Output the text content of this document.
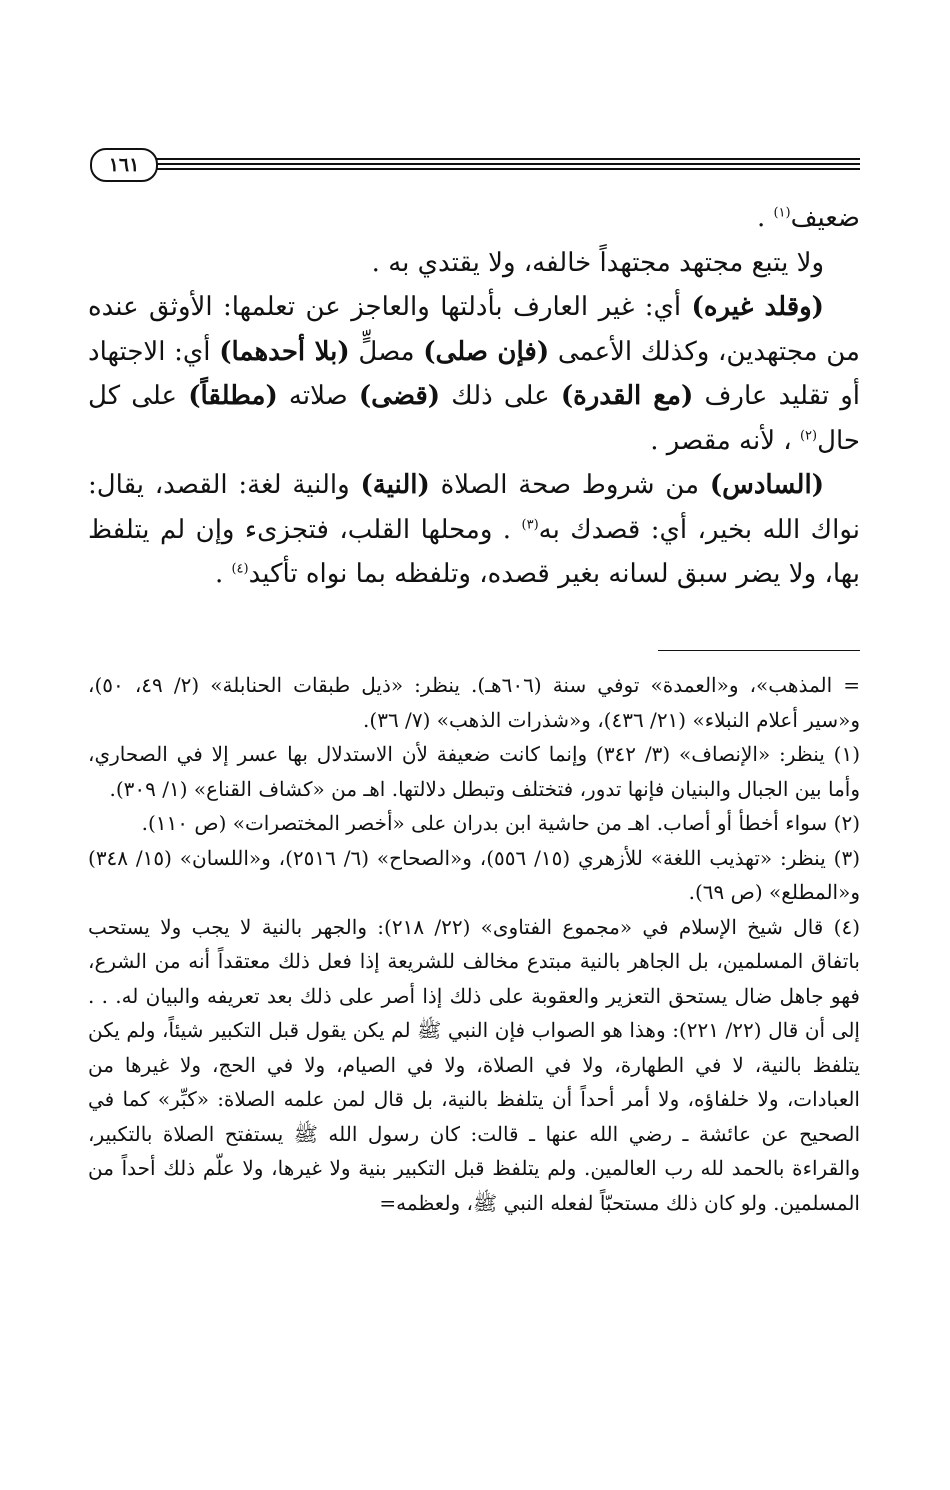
١٦١

ضعيف$^{(١)}$ .

ولا يتبع مجتهد مجتهداً خالفه، ولا يقتدي به .

(وقلد غيره) أي: غير العارف بأدلتها والعاجز عن تعلمها: الأوثق عنده من مجتهدين، وكذلك الأعمى (فإن صلى) مصلٍّ (بلا أحدهما) أي: الاجتهاد أو تقليد عارف (مع القدرة) على ذلك (قضى) صلاته (مطلقاً) على كل حال$^{(٢)}$ ، لأنه مقصر .

(السادس) من شروط صحة الصلاة (النية) والنية لغة: القصد، يقال: نواك الله بخير، أي: قصدك به$^{(٣)}$ . ومحلها القلب، فتجزىء وإن لم يتلفظ بها، ولا يضر سبق لسانه بغير قصده، وتلفظه بما نواه تأكيد$^{(٤)}$ .

= المذهب»، و«العمدة» توفي سنة (٦٠٦هـ). ينظر: «ذيل طبقات الحنابلة» (٢/ ٤٩، ٥٠)، و«سير أعلام النبلاء» (٢١/ ٤٣٦)، و«شذرات الذهب» (٧/ ٣٦).

(١) ينظر: «الإنصاف» (٣/ ٣٤٢) وإنما كانت ضعيفة لأن الاستدلال بها عسر إلا في الصحاري، وأما بين الجبال والبنيان فإنها تدور، فتختلف وتبطل دلالتها. اهـ من «كشاف القناع» (١/ ٣٠٩).

(٢) سواء أخطأ أو أصاب. اهـ من حاشية ابن بدران على «أخصر المختصرات» (ص ١١٠).

(٣) ينظر: «تهذيب اللغة» للأزهري (١٥/ ٥٥٦)، و«الصحاح» (٦/ ٢٥١٦)، و«اللسان» (١٥/ ٣٤٨) و«المطلع» (ص ٦٩).

(٤) قال شيخ الإسلام في «مجموع الفتاوى» (٢٢/ ٢١٨): والجهر بالنية لا يجب ولا يستحب باتفاق المسلمين، بل الجاهر بالنية مبتدع مخالف للشريعة إذا فعل ذلك معتقداً أنه من الشرع، فهو جاهل ضال يستحق التعزير والعقوبة على ذلك إذا أصر على ذلك بعد تعريفه والبيان له. . . إلى أن قال (٢٢/ ٢٢١): وهذا هو الصواب فإن النبي ﷺ لم يكن يقول قبل التكبير شيئاً، ولم يكن يتلفظ بالنية، لا في الطهارة، ولا في الصلاة، ولا في الصيام، ولا في الحج، ولا غيرها من العبادات، ولا خلفاؤه، ولا أمر أحداً أن يتلفظ بالنية، بل قال لمن علمه الصلاة: «كبِّر» كما في الصحيح عن عائشة ـ رضي الله عنها ـ قالت: كان رسول الله ﷺ يستفتح الصلاة بالتكبير، والقراءة بالحمد لله رب العالمين. ولم يتلفظ قبل التكبير بنية ولا غيرها، ولا علّم ذلك أحداً من المسلمين. ولو كان ذلك مستحبّاً لفعله النبي ﷺ، ولعظمه=
